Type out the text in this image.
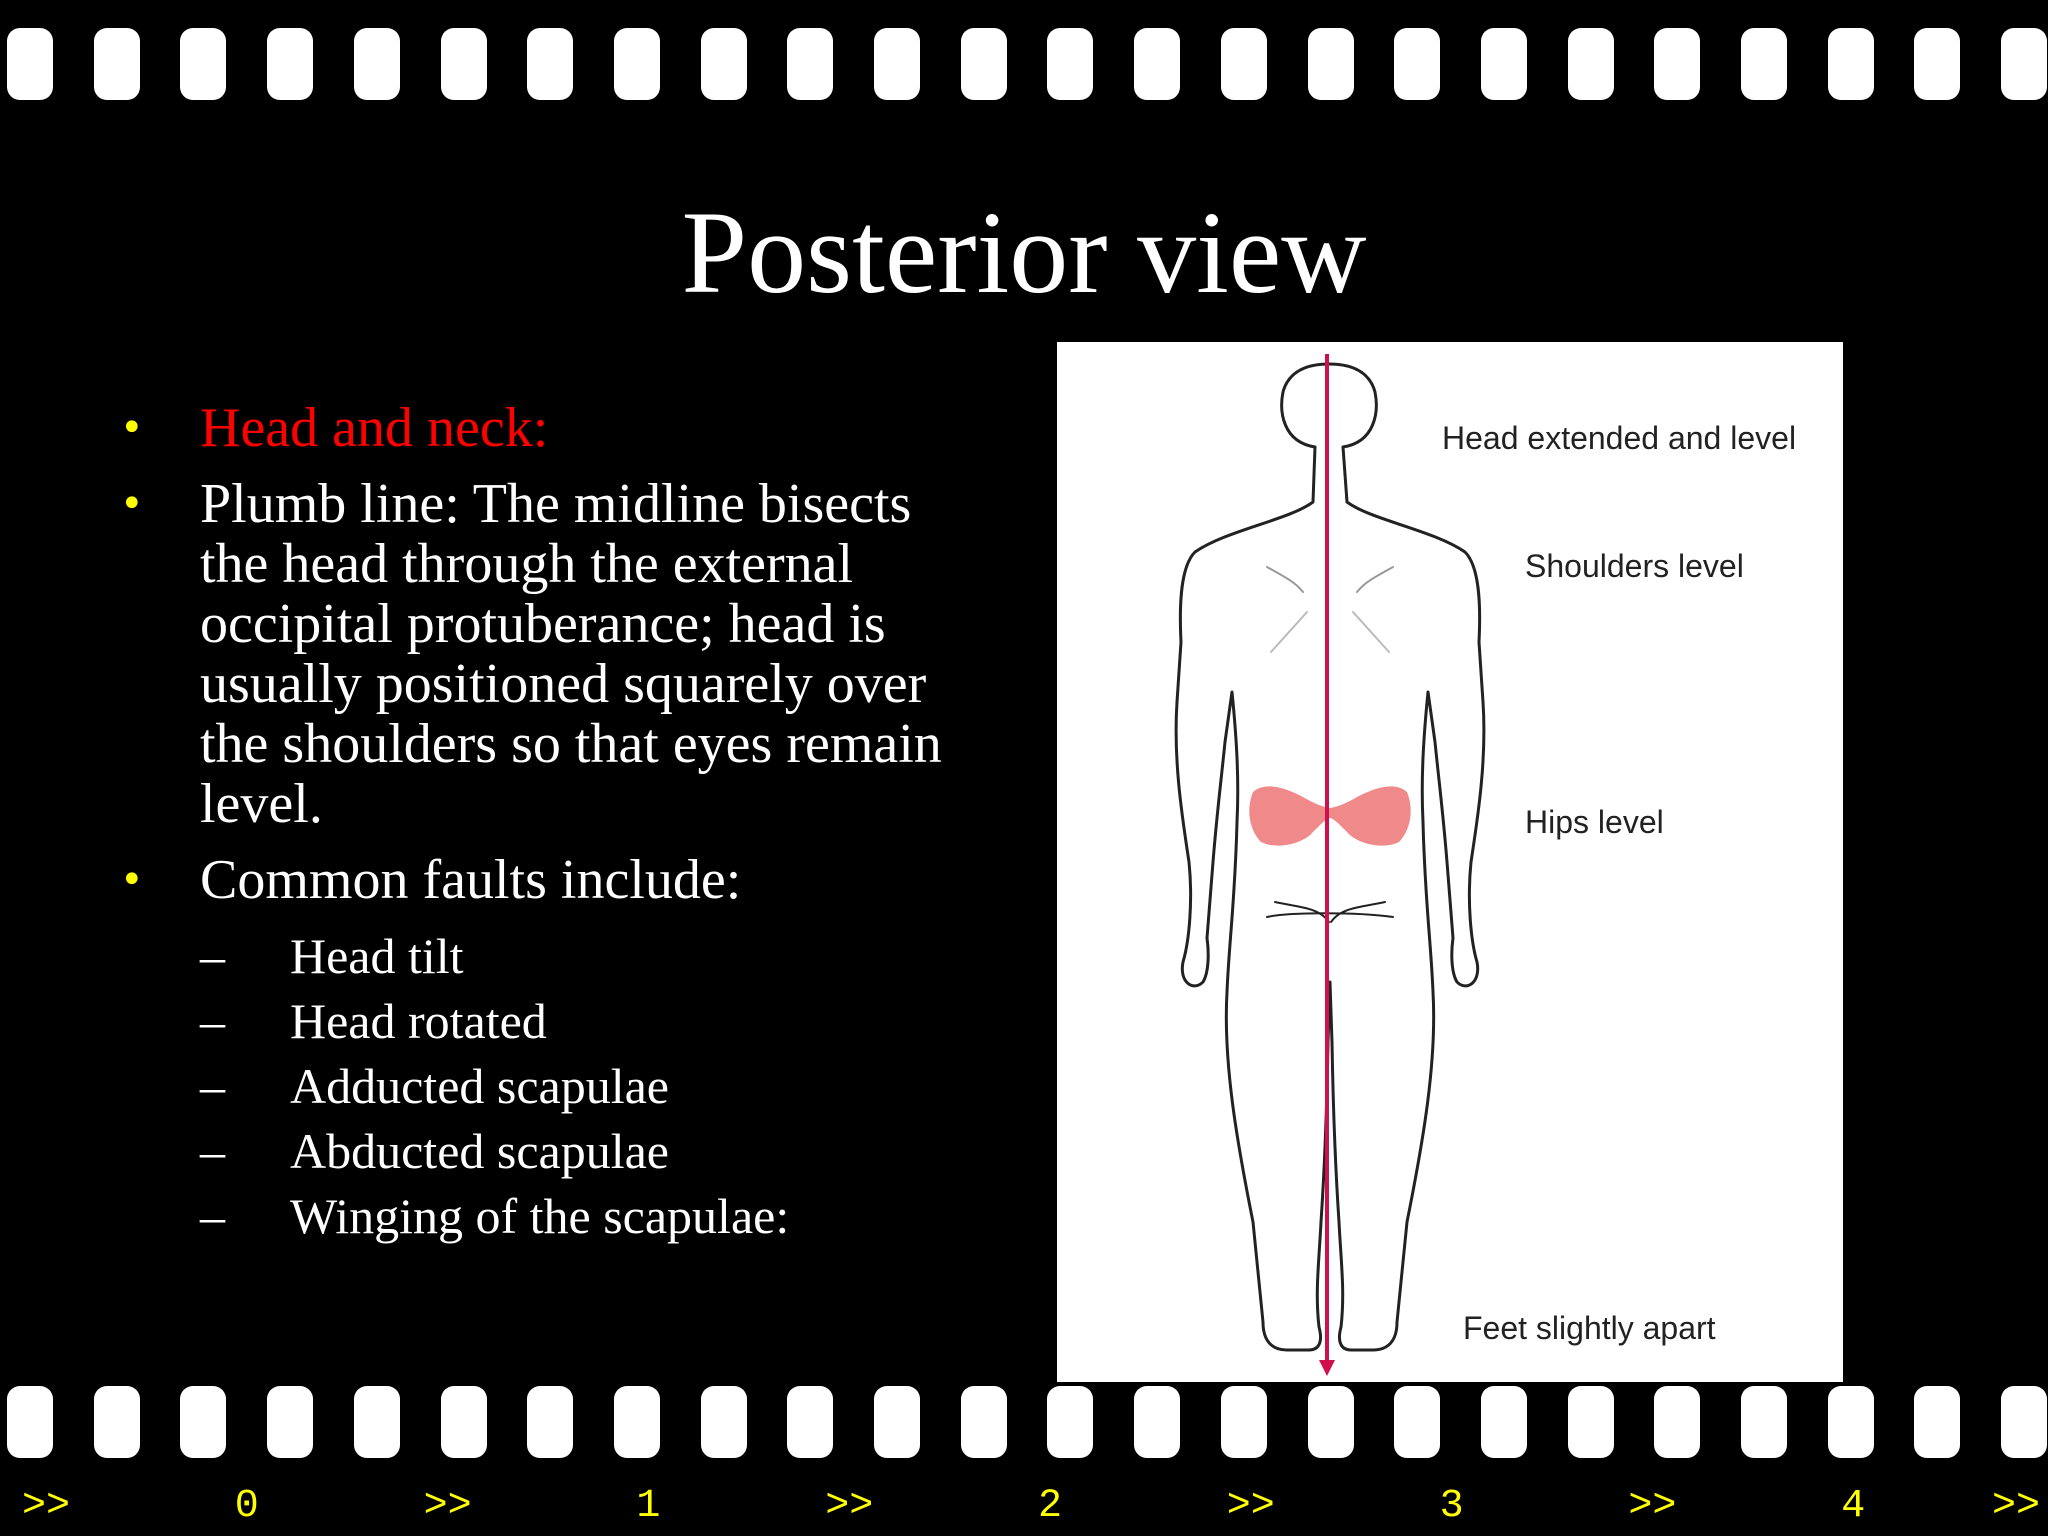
Posterior view
• Head and neck:
• Plumb line: The midline bisects the head through the external occipital protuberance; head is usually positioned squarely over the shoulders so that eyes remain level.
• Common faults include:
– Head tilt
– Head rotated
– Adducted scapulae
– Abducted scapulae
– Winging of the scapulae:
Head extended and level
Shoulders level
Hips level
Feet slightly apart
>>	0	>>	1	>>	2	>>	3	>>	4	>>
